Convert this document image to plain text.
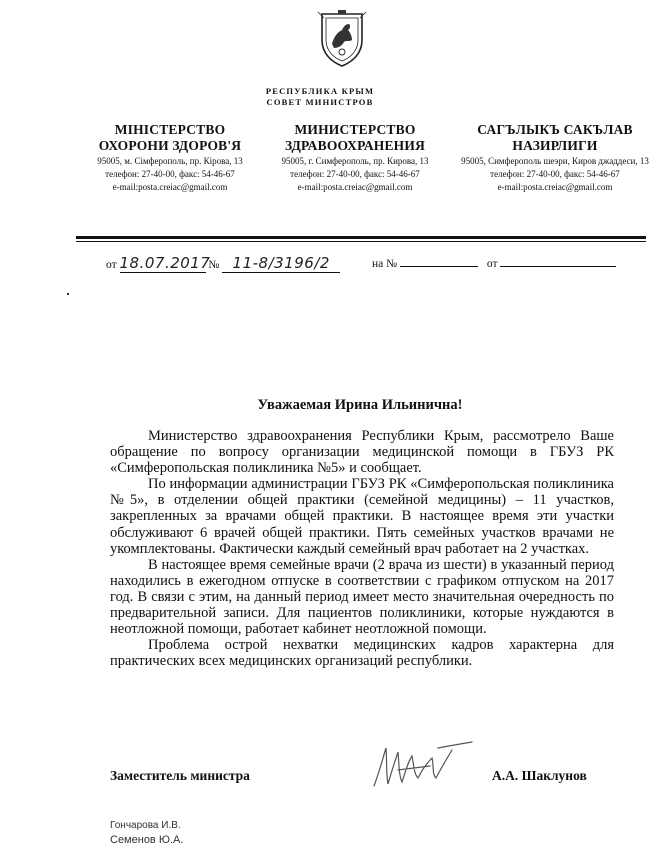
РЕСПУБЛИКА КРЫМ
СОВЕТ МИНИСТРОВ
МІНІСТЕРСТВО
ОХОРОНИ ЗДОРОВ'Я
95005, м. Сімферополь, пр. Кірова, 13
телефон: 27-40-00, факс: 54-46-67
e-mail:posta.creiac@gmail.com
МИНИСТЕРСТВО
ЗДРАВООХРАНЕНИЯ
95005, г. Симферополь, пр. Кирова, 13
телефон: 27-40-00, факс: 54-46-67
e-mail:posta.creiac@gmail.com
САГЪЛЫКЪ САКЪЛАВ
НАЗИРЛИГИ
95005, Симферополь шеэри, Киров джаддеси, 13
телефон: 27-40-00, факс: 54-46-67
e-mail:posta.creiac@gmail.com
от 18.07.2017 № 11-8/3196/2	на №	от
Уважаемая Ирина Ильинична!

Министерство здравоохранения Республики Крым, рассмотрело Ваше обращение по вопросу организации медицинской помощи в ГБУЗ РК «Симферопольская поликлиника №5» и сообщает.

По информации администрации ГБУЗ РК «Симферопольская поликлиника №5», в отделении общей практики (семейной медицины) – 11 участков, закрепленных за врачами общей практики. В настоящее время эти участки обслуживают 6 врачей общей практики. Пять семейных участков врачами не укомплектованы. Фактически каждый семейный врач работает на 2 участках.

В настоящее время семейные врачи (2 врача из шести) в указанный период находились в ежегодном отпуске в соответствии с графиком отпуском на 2017 год. В связи с этим, на данный период имеет место значительная очередность по предварительной записи. Для пациентов поликлиники, которые нуждаются в неотложной помощи, работает кабинет неотложной помощи.

Проблема острой нехватки медицинских кадров характерна для практических всех медицинских организаций республики.

Заместитель министра	А.А. Шаклунов
Гончарова И.В.
Семенов Ю.А.
